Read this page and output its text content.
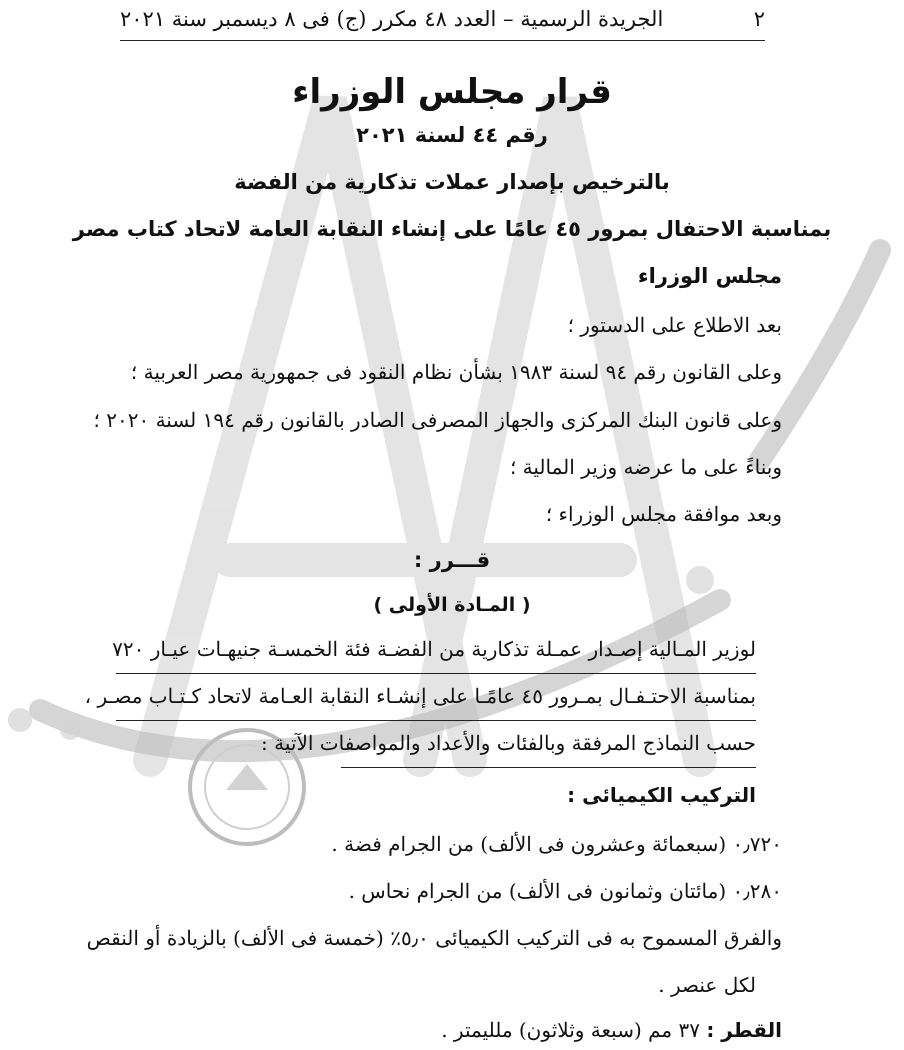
٢
الجريدة الرسمية – العدد ٤٨ مكرر (ج) فى ٨ ديسمبر سنة ٢٠٢١
قرار مجلس الوزراء
رقم ٤٤ لسنة ٢٠٢١
بالترخيص بإصدار عملات تذكارية من الفضة
بمناسبة الاحتفال بمرور ٤٥ عامًا على إنشاء النقابة العامة لاتحاد كتاب مصر
مجلس الوزراء
بعد الاطلاع على الدستور ؛
وعلى القانون رقم ٩٤ لسنة ١٩٨٣ بشأن نظام النقود فى جمهورية مصر العربية ؛
وعلى قانون البنك المركزى والجهاز المصرفى الصادر بالقانون رقم ١٩٤ لسنة ٢٠٢٠ ؛
وبناءً على ما عرضه وزير المالية ؛
وبعد موافقة مجلس الوزراء ؛
قـــرر :
( المـادة الأولى )
لوزير المـالية إصـدار عمـلة تذكارية من الفضـة فئة الخمسـة جنيهـات عيـار ٧٢٠
بمناسبة الاحتـفـال بمـرور ٤٥ عامًـا على إنشـاء النقابة العـامة لاتحاد كـتـاب مصـر ،
حسب النماذج المرفقة وبالفئات والأعداد والمواصفات الآتية :
التركيب الكيميائى :
٠٫٧٢٠ (سبعمائة وعشرون فى الألف) من الجرام فضة .
٠٫٢٨٠ (مائتان وثمانون فى الألف) من الجرام نحاس .
والفرق المسموح به فى التركيب الكيميائى ٥٫٠٪ (خمسة فى الألف) بالزيادة أو النقص
لكل عنصر .
القطر : ٣٧ مم (سبعة وثلاثون) ملليمتر .
